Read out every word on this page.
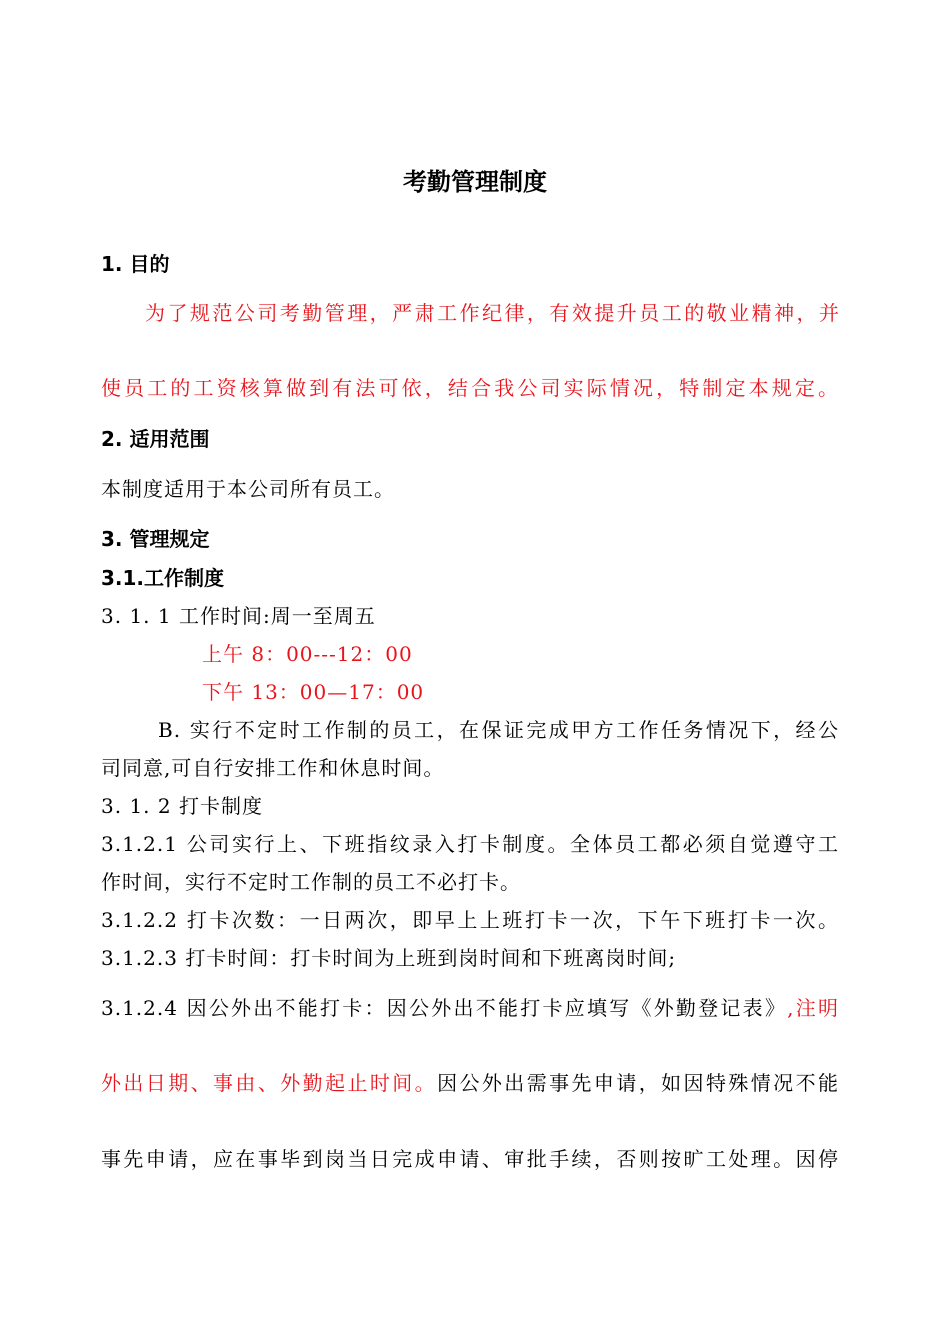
考勤管理制度
1. 目的
为了规范公司考勤管理，严肃工作纪律，有效提升员工的敬业精神，并
使员工的工资核算做到有法可依，结合我公司实际情况，特制定本规定。
2. 适用范围
本制度适用于本公司所有员工。
3. 管理规定
3.1.工作制度
3. 1. 1 工作时间:周一至周五
上午 8：00---12：00
下午 13：00—17：00
B. 实行不定时工作制的员工，在保证完成甲方工作任务情况下，经公
司同意,可自行安排工作和休息时间。
3. 1. 2 打卡制度
3.1.2.1 公司实行上、下班指纹录入打卡制度。全体员工都必须自觉遵守工
作时间，实行不定时工作制的员工不必打卡。
3.1.2.2 打卡次数：一日两次，即早上上班打卡一次，下午下班打卡一次。
3.1.2.3 打卡时间：打卡时间为上班到岗时间和下班离岗时间;
3.1.2.4 因公外出不能打卡：因公外出不能打卡应填写《外勤登记表》,注明
外出日期、事由、外勤起止时间。因公外出需事先申请，如因特殊情况不能
事先申请，应在事毕到岗当日完成申请、审批手续，否则按旷工处理。因停
